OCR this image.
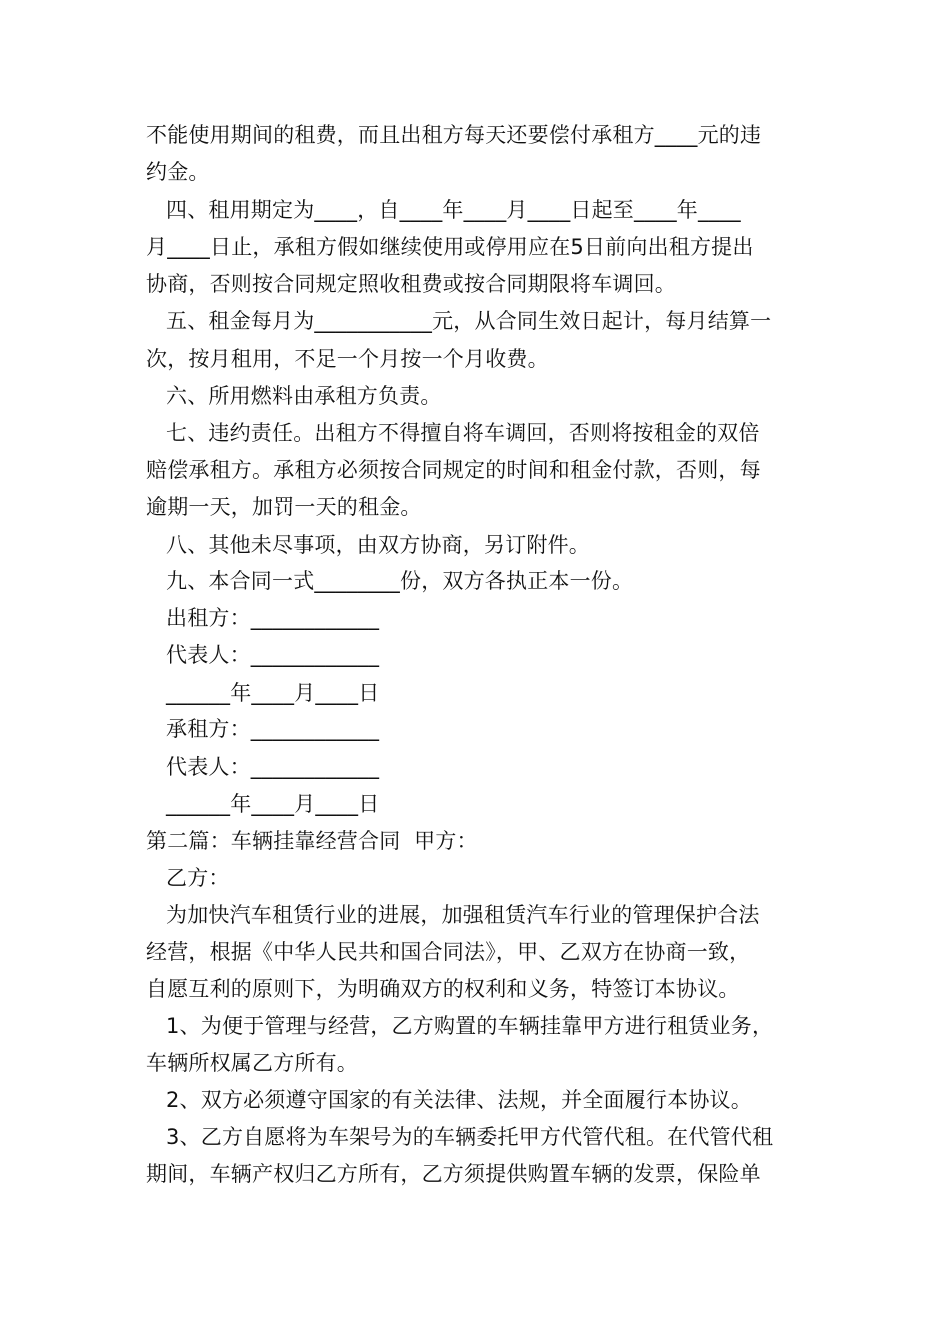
不能使用期间的租费，而且出租方每天还要偿付承租方____元的违
约金。
四、租用期定为____，自____年____月____日起至____年____
月____日止，承租方假如继续使用或停用应在5日前向出租方提出
协商，否则按合同规定照收租费或按合同期限将车调回。
五、租金每月为___________元，从合同生效日起计，每月结算一
次，按月租用，不足一个月按一个月收费。
六、所用燃料由承租方负责。
七、违约责任。出租方不得擅自将车调回，否则将按租金的双倍
赔偿承租方。承租方必须按合同规定的时间和租金付款，否则，每
逾期一天，加罚一天的租金。
八、其他未尽事项，由双方协商，另订附件。
九、本合同一式________份，双方各执正本一份。
出租方：____________
代表人：____________
______年____月____日
承租方：____________
代表人：____________
______年____月____日
第二篇：车辆挂靠经营合同  甲方：
乙方：
为加快汽车租赁行业的进展，加强租赁汽车行业的管理保护合法
经营，根据《中华人民共和国合同法》，甲、乙双方在协商一致，
自愿互利的原则下，为明确双方的权利和义务，特签订本协议。
1、为便于管理与经营，乙方购置的车辆挂靠甲方进行租赁业务，
车辆所权属乙方所有。
2、双方必须遵守国家的有关法律、法规，并全面履行本协议。
3、乙方自愿将为车架号为的车辆委托甲方代管代租。在代管代租
期间，车辆产权归乙方所有，乙方须提供购置车辆的发票，保险单
